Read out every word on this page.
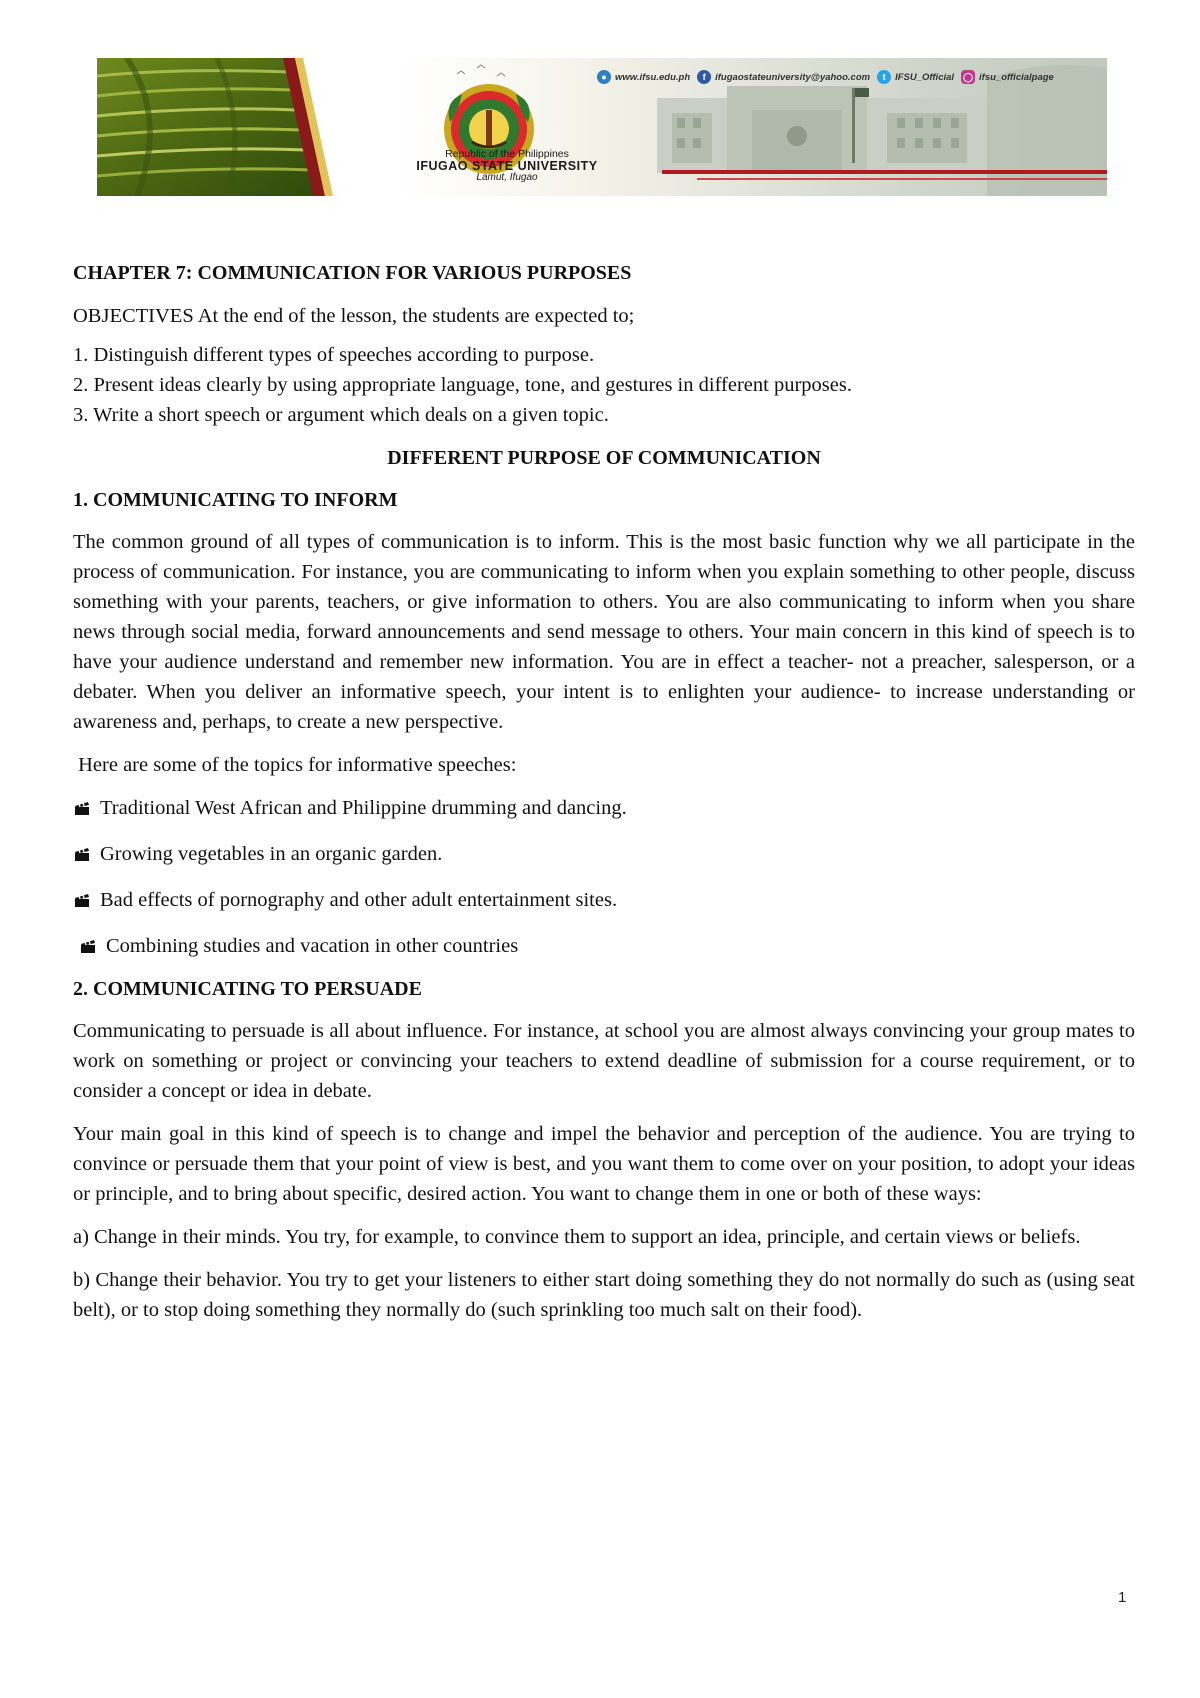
Republic of the Philippines
IFUGAO STATE UNIVERSITY
Lamut, Ifugao
● www.ifsu.edu.ph	f	ifugaostateuniversity@yahoo.com	t	IFSU_Official ◯ ifsu_officialpage

CHAPTER 7: COMMUNICATION FOR VARIOUS PURPOSES

OBJECTIVES At the end of the lesson, the students are expected to;

1. Distinguish different types of speeches according to purpose.
2. Present ideas clearly by using appropriate language, tone, and gestures in different purposes.
3. Write a short speech or argument which deals on a given topic.

DIFFERENT PURPOSE OF COMMUNICATION

1. COMMUNICATING TO INFORM

The common ground of all types of communication is to inform. This is the most basic function why we all participate in the process of communication. For instance, you are communicating to inform when you explain something to other people, discuss something with your parents, teachers, or give information to others. You are also communicating to inform when you share news through social media, forward announcements and send message to others. Your main concern in this kind of speech is to have your audience understand and remember new information. You are in effect a teacher- not a preacher, salesperson, or a debater. When you deliver an informative speech, your intent is to enlighten your audience- to increase understanding or awareness and, perhaps, to create a new perspective.

Here are some of the topics for informative speeches:

Traditional West African and Philippine drumming and dancing.
Growing vegetables in an organic garden.
Bad effects of pornography and other adult entertainment sites.
Combining studies and vacation in other countries

2. COMMUNICATING TO PERSUADE

Communicating to persuade is all about influence. For instance, at school you are almost always convincing your group mates to work on something or project or convincing your teachers to extend deadline of submission for a course requirement, or to consider a concept or idea in debate.

Your main goal in this kind of speech is to change and impel the behavior and perception of the audience. You are trying to convince or persuade them that your point of view is best, and you want them to come over on your position, to adopt your ideas or principle, and to bring about specific, desired action. You want to change them in one or both of these ways:

a) Change in their minds. You try, for example, to convince them to support an idea, principle, and certain views or beliefs.

b) Change their behavior. You try to get your listeners to either start doing something they do not normally do such as (using seat belt), or to stop doing something they normally do (such sprinkling too much salt on their food).

1
